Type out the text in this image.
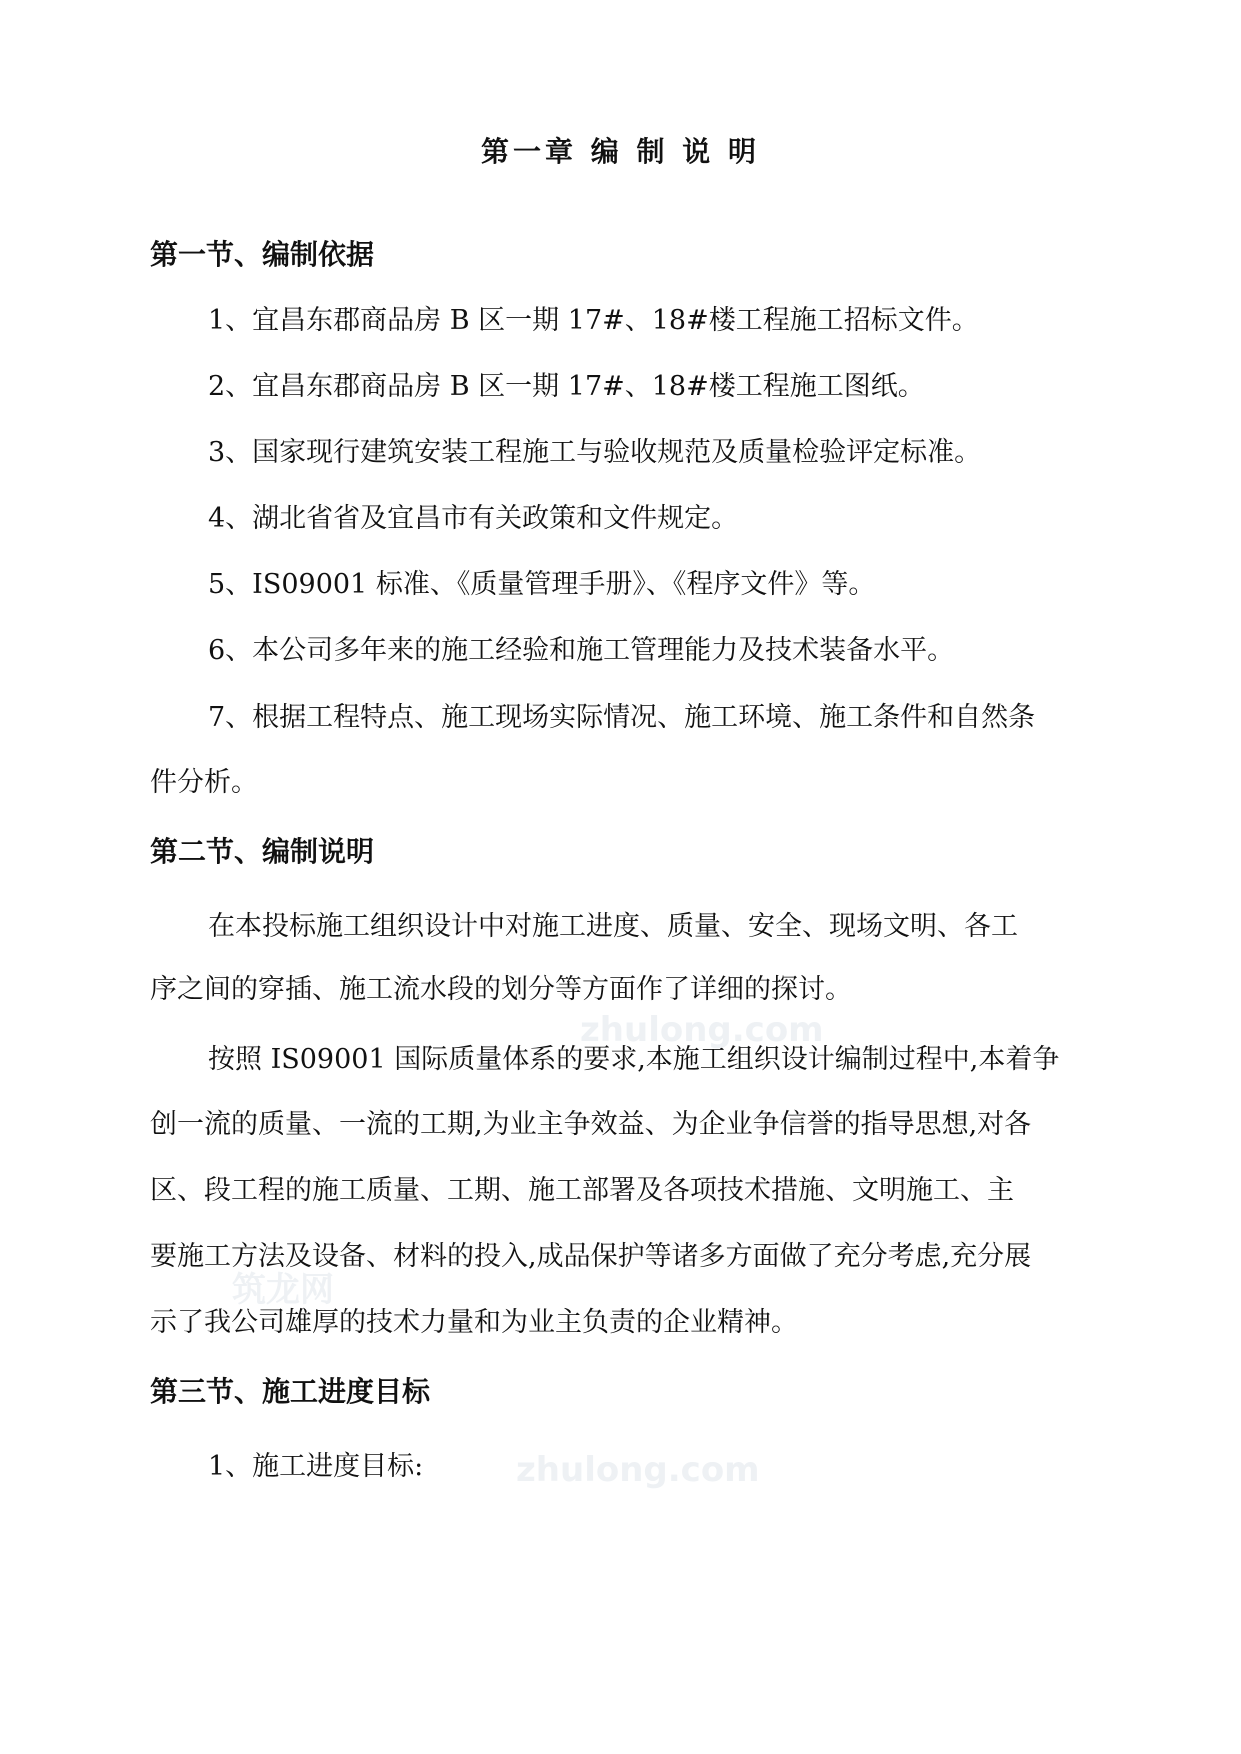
第一章 编 制 说 明
第一节、编制依据
1、宜昌东郡商品房 B 区一期 17#、18#楼工程施工招标文件。
2、宜昌东郡商品房 B 区一期 17#、18#楼工程施工图纸。
3、国家现行建筑安装工程施工与验收规范及质量检验评定标准。
4、湖北省省及宜昌市有关政策和文件规定。
5、IS09001 标准、《质量管理手册》、《程序文件》等。
6、本公司多年来的施工经验和施工管理能力及技术装备水平。
7、根据工程特点、施工现场实际情况、施工环境、施工条件和自然条
件分析。
第二节、编制说明
在本投标施工组织设计中对施工进度、质量、安全、现场文明、各工
序之间的穿插、施工流水段的划分等方面作了详细的探讨。
按照 IS09001 国际质量体系的要求,本施工组织设计编制过程中,本着争
创一流的质量、一流的工期,为业主争效益、为企业争信誉的指导思想,对各
区、段工程的施工质量、工期、施工部署及各项技术措施、文明施工、主
要施工方法及设备、材料的投入,成品保护等诸多方面做了充分考虑,充分展
示了我公司雄厚的技术力量和为业主负责的企业精神。
第三节、施工进度目标
1、施工进度目标:
zhulong.com
筑龙网
zhulong.com
